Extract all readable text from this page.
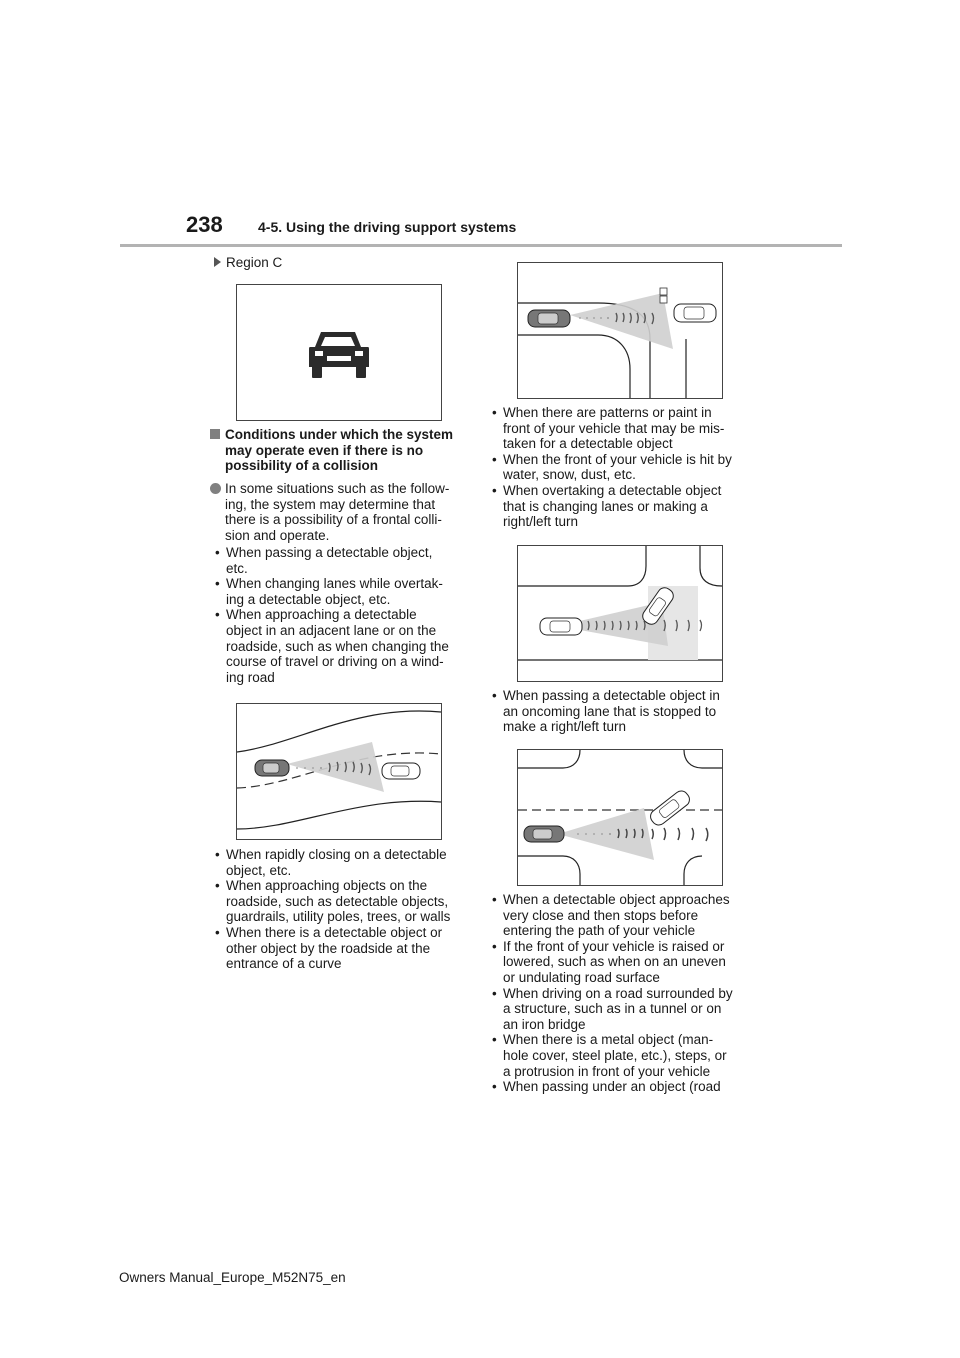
238	4-5. Using the driving support systems
Region C
Conditions under which the system may operate even if there is no possibility of a collision
In some situations such as the follow-
ing, the system may determine that
there is a possibility of a frontal colli-
sion and operate.
• When passing a detectable object,
etc.
• When changing lanes while overtak-
ing a detectable object, etc.
• When approaching a detectable
object in an adjacent lane or on the
roadside, such as when changing the
course of travel or driving on a wind-
ing road
• When rapidly closing on a detectable
object, etc.
• When approaching objects on the
roadside, such as detectable objects,
guardrails, utility poles, trees, or walls
• When there is a detectable object or
other object by the roadside at the
entrance of a curve
• When there are patterns or paint in
front of your vehicle that may be mis-
taken for a detectable object
• When the front of your vehicle is hit by
water, snow, dust, etc.
• When overtaking a detectable object
that is changing lanes or making a
right/left turn
• When passing a detectable object in
an oncoming lane that is stopped to
make a right/left turn
• When a detectable object approaches
very close and then stops before
entering the path of your vehicle
• If the front of your vehicle is raised or
lowered, such as when on an uneven
or undulating road surface
• When driving on a road surrounded by
a structure, such as in a tunnel or on
an iron bridge
• When there is a metal object (man-
hole cover, steel plate, etc.), steps, or
a protrusion in front of your vehicle
• When passing under an object (road
Owners Manual_Europe_M52N75_en
